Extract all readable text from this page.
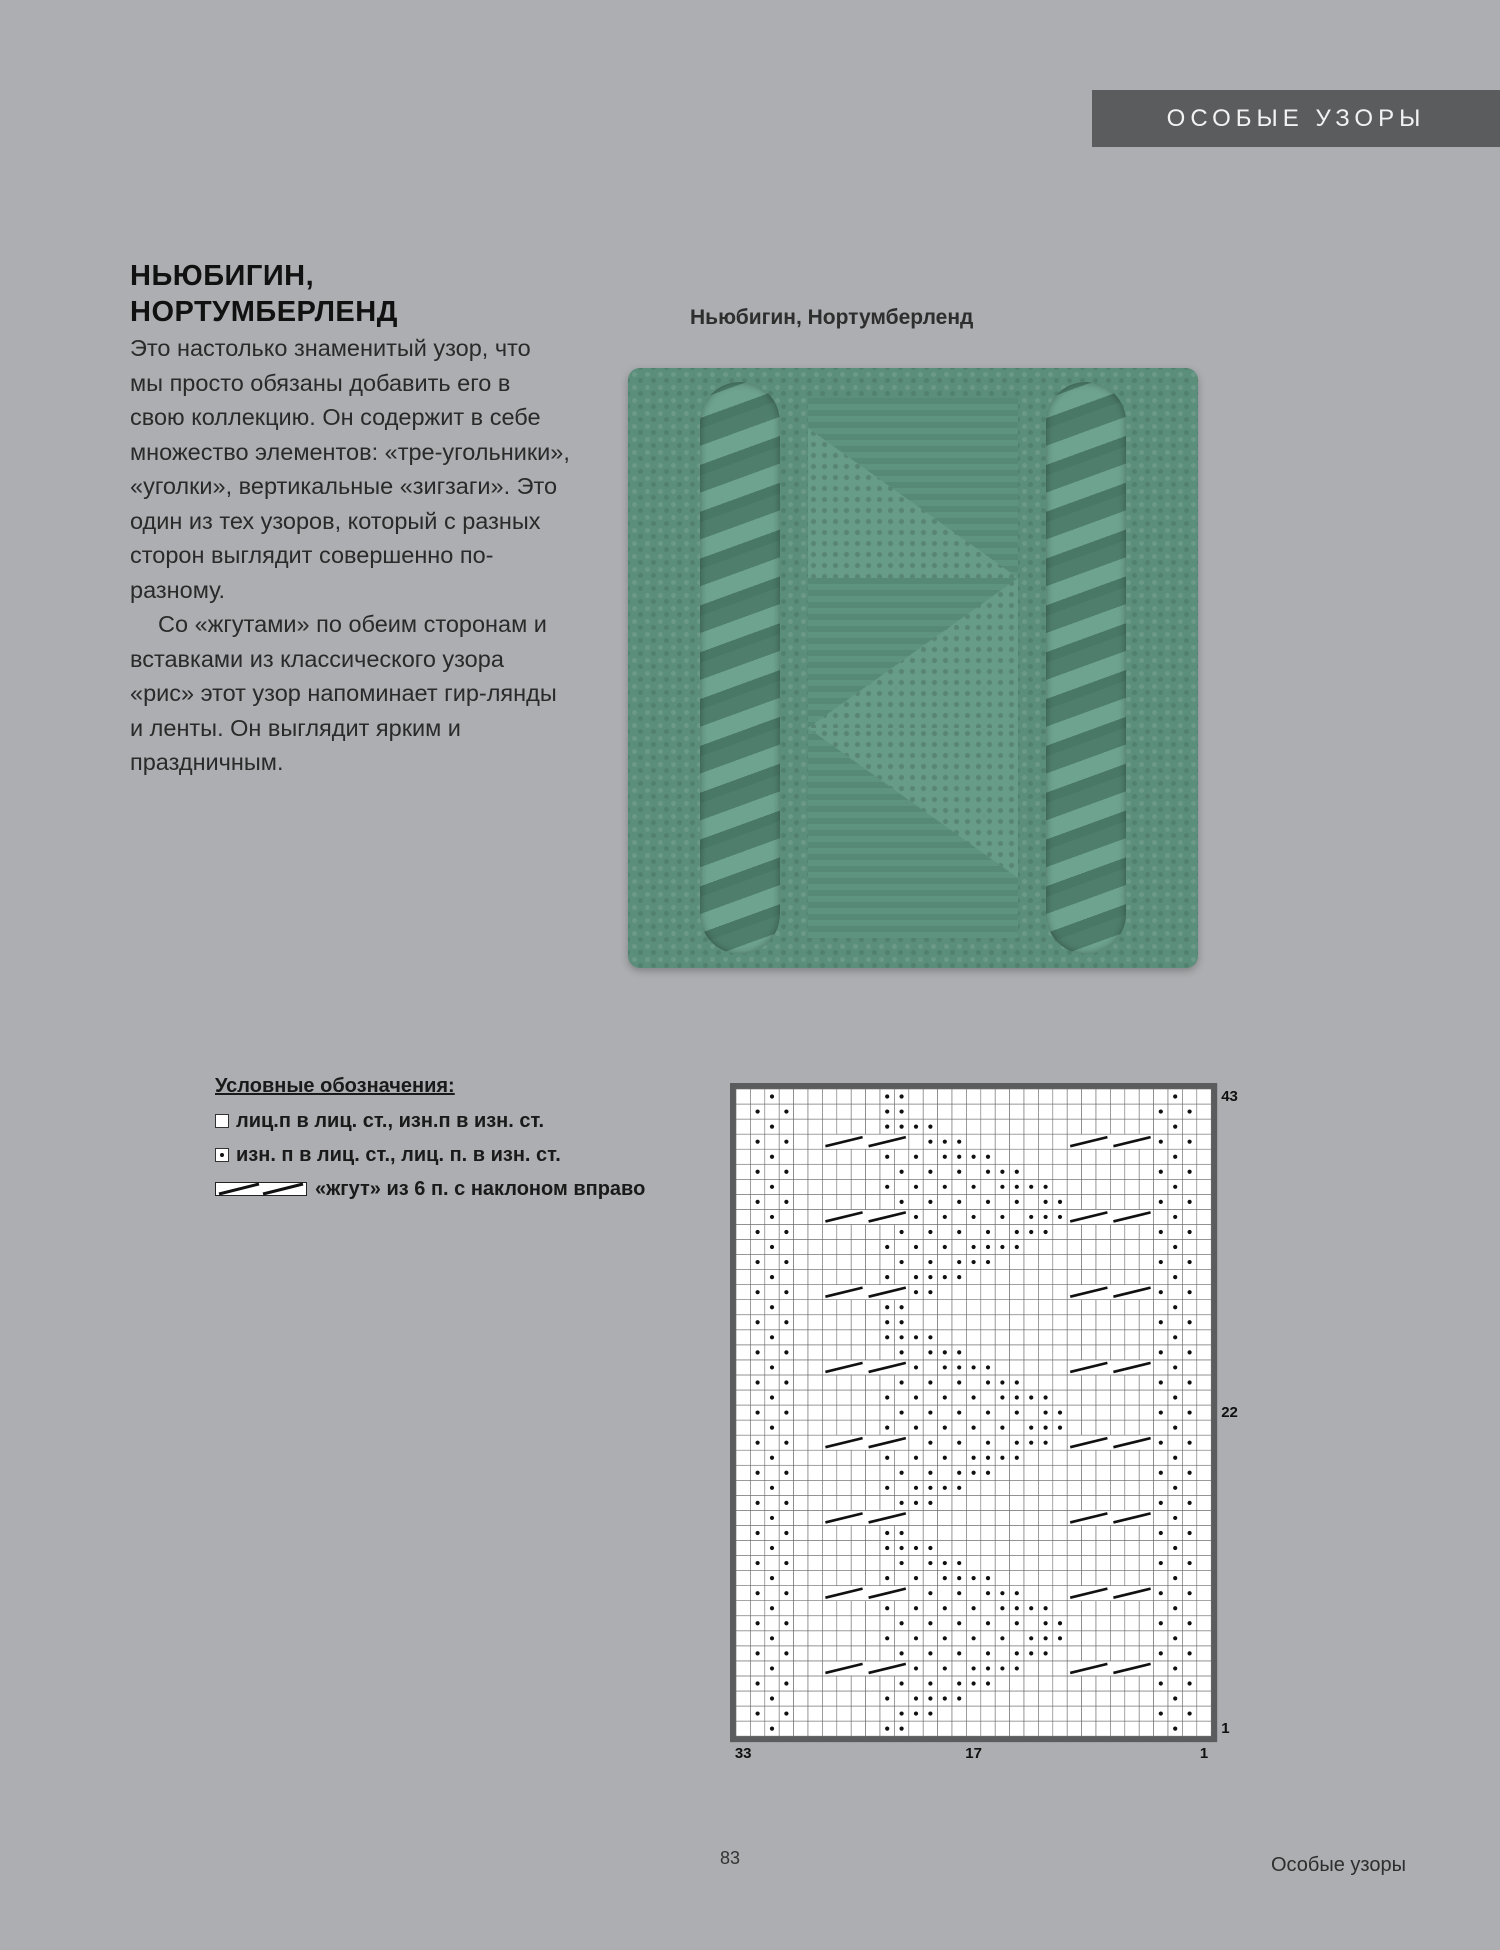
ОСОБЫЕ УЗОРЫ
НЬЮБИГИН,
НОРТУМБЕРЛЕНД

Это настолько знаменитый узор, что мы просто обязаны добавить его в свою коллекцию. Он содержит в себе множество элементов: «тре-угольники», «уголки», вертикальные «зигзаги». Это один из тех узоров, который с разных сторон выглядит совершенно по-разному.

Со «жгутами» по обеим сторонам и вставками из классического узора «рис» этот узор напоминает гир-лянды и ленты. Он выглядит ярким и праздничным.

Ньюбигин, Нортумберленд
Условные обозначения:
лиц.п в лиц. ст., изн.п в изн. ст.
изн. п в лиц. ст., лиц. п. в изн. ст.
«жгут» из 6 п. с наклоном вправо
43
22
1
33	17	1
83	Особые узоры
